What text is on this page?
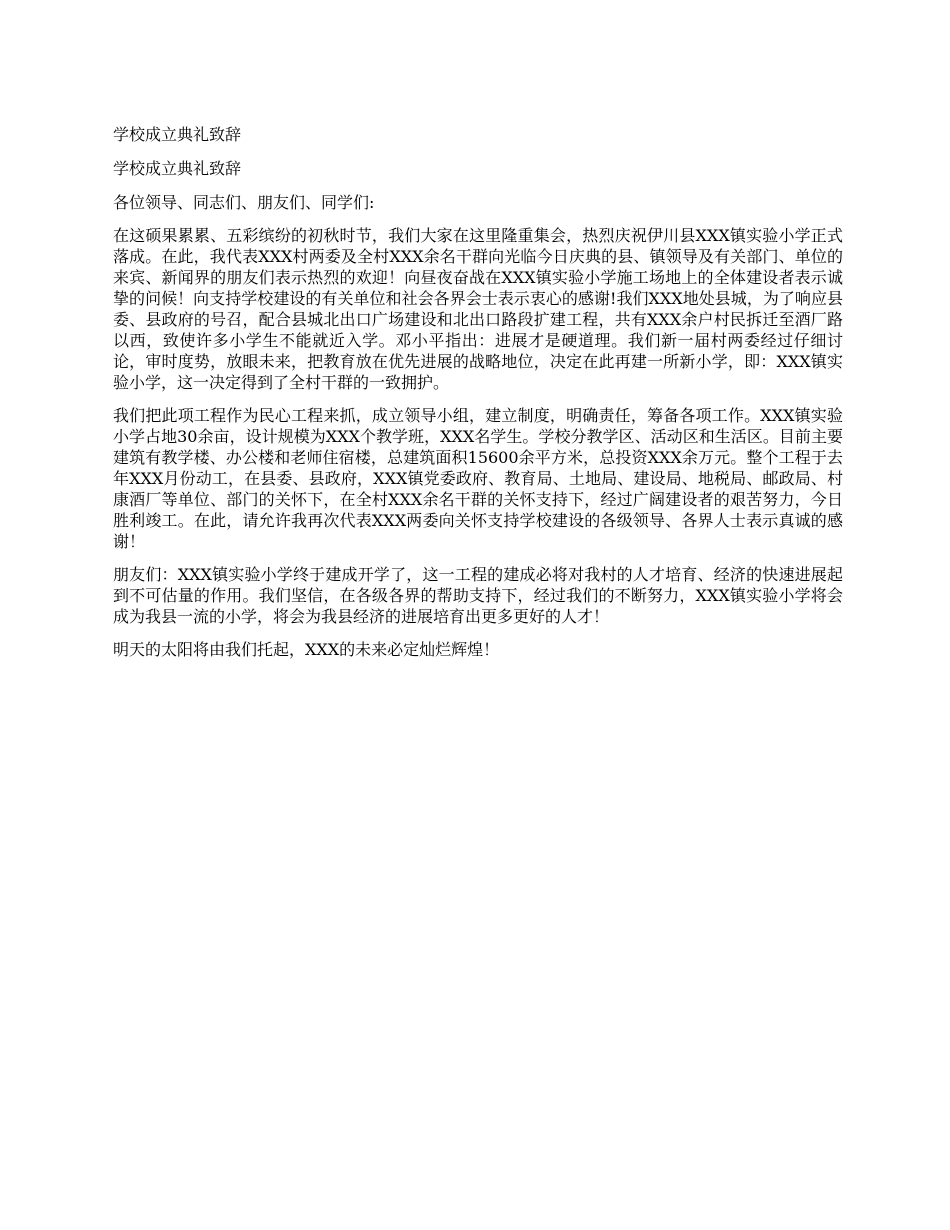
学校成立典礼致辞

学校成立典礼致辞

各位领导、同志们、朋友们、同学们:

在这硕果累累、五彩缤纷的初秋时节，我们大家在这里隆重集会，热烈庆祝伊川县XXX镇实验小学正式落成。在此，我代表XXX村两委及全村XXX余名干群向光临今日庆典的县、镇领导及有关部门、单位的来宾、新闻界的朋友们表示热烈的欢迎！向昼夜奋战在XXX镇实验小学施工场地上的全体建设者表示诚挚的问候！向支持学校建设的有关单位和社会各界会士表示衷心的感谢!我们XXX地处县城，为了响应县委、县政府的号召，配合县城北出口广场建设和北出口路段扩建工程，共有XXX余户村民拆迁至酒厂路以西，致使许多小学生不能就近入学。邓小平指出：进展才是硬道理。我们新一届村两委经过仔细讨论，审时度势，放眼未来，把教育放在优先进展的战略地位，决定在此再建一所新小学，即：XXX镇实验小学，这一决定得到了全村干群的一致拥护。

我们把此项工程作为民心工程来抓，成立领导小组，建立制度，明确责任，筹备各项工作。XXX镇实验小学占地30余亩，设计规模为XXX个教学班，XXX名学生。学校分教学区、活动区和生活区。目前主要建筑有教学楼、办公楼和老师住宿楼，总建筑面积15600余平方米，总投资XXX余万元。整个工程于去年XXX月份动工，在县委、县政府，XXX镇党委政府、教育局、土地局、建设局、地税局、邮政局、村康酒厂等单位、部门的关怀下，在全村XXX余名干群的关怀支持下，经过广阔建设者的艰苦努力，今日胜利竣工。在此，请允许我再次代表XXX两委向关怀支持学校建设的各级领导、各界人士表示真诚的感谢！

朋友们：XXX镇实验小学终于建成开学了，这一工程的建成必将对我村的人才培育、经济的快速进展起到不可估量的作用。我们坚信，在各级各界的帮助支持下，经过我们的不断努力，XXX镇实验小学将会成为我县一流的小学，将会为我县经济的进展培育出更多更好的人才！

明天的太阳将由我们托起，XXX的未来必定灿烂辉煌！
